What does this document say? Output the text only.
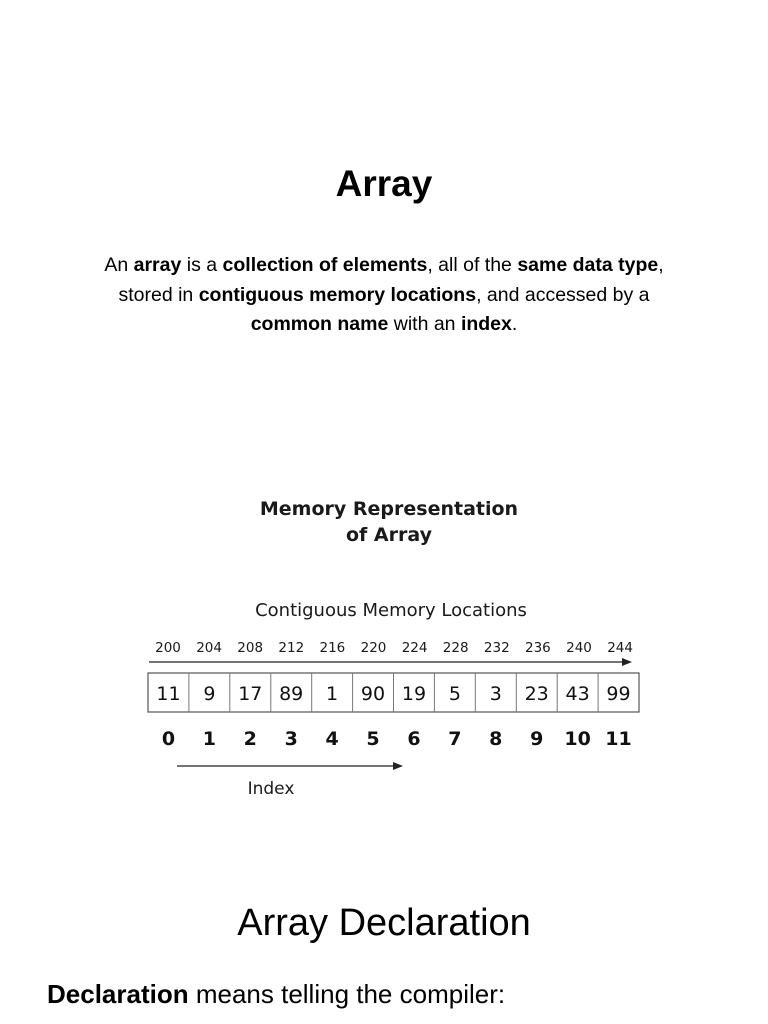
Array
An array is a collection of elements, all of the same data type, stored in contiguous memory locations, and accessed by a common name with an index.
Memory Representation
of Array
Contiguous Memory Locations
200 204 208 212 216 220 224 228 232 236 240 244
11 9 17 89 1 90 19 5 3 23 43 99
0 1 2 3 4 5 6 7 8 9 10 11
Index
Array Declaration
Declaration means telling the compiler:
